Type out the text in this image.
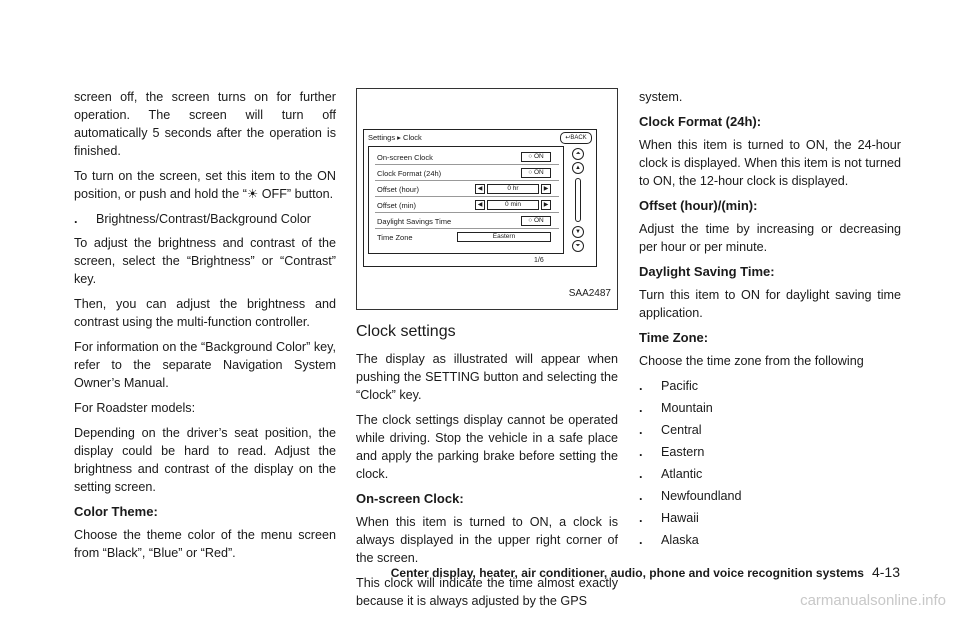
screen off, the screen turns on for further operation. The screen will turn off automatically 5 seconds after the operation is finished.

To turn on the screen, set this item to the ON position, or push and hold the “☀︎ OFF” button.

.	Brightness/Contrast/Background Color

To adjust the brightness and contrast of the screen, select the “Brightness” or “Contrast” key.

Then, you can adjust the brightness and contrast using the multi-function controller.

For information on the “Background Color” key, refer to the separate Navigation System Owner’s Manual.

For Roadster models:

Depending on the driver’s seat position, the display could be hard to read. Adjust the brightness and contrast of the display on the setting screen.

Color Theme:

Choose the theme color of the menu screen from “Black”, “Blue” or “Red”.

Settings ▸ Clock	↩BACK
On-screen Clock	○ ON
Clock Format (24h)	○ ON
Offset (hour)	◀	0 hr	▶
Offset (min)	◀	0 min	▶
Daylight Savings Time	○ ON
Time Zone	Eastern
⏶
▲
▼
⏷
1/6
SAA2487
Clock settings

The display as illustrated will appear when pushing the SETTING button and selecting the “Clock” key.

The clock settings display cannot be operated while driving. Stop the vehicle in a safe place and apply the parking brake before setting the clock.

On-screen Clock:

When this item is turned to ON, a clock is always displayed in the upper right corner of the screen.

This clock will indicate the time almost exactly because it is always adjusted by the GPS

system.

Clock Format (24h):

When this item is turned to ON, the 24-hour clock is displayed. When this item is not turned to ON, the 12-hour clock is displayed.

Offset (hour)/(min):

Adjust the time by increasing or decreasing per hour or per minute.

Daylight Saving Time:

Turn this item to ON for daylight saving time application.

Time Zone:

Choose the time zone from the following

.	Pacific
.	Mountain
.	Central
.	Eastern
.	Atlantic
.	Newfoundland
.	Hawaii
.	Alaska
Center display, heater, air conditioner, audio, phone and voice recognition systems 4-13
carmanualsonline.info
